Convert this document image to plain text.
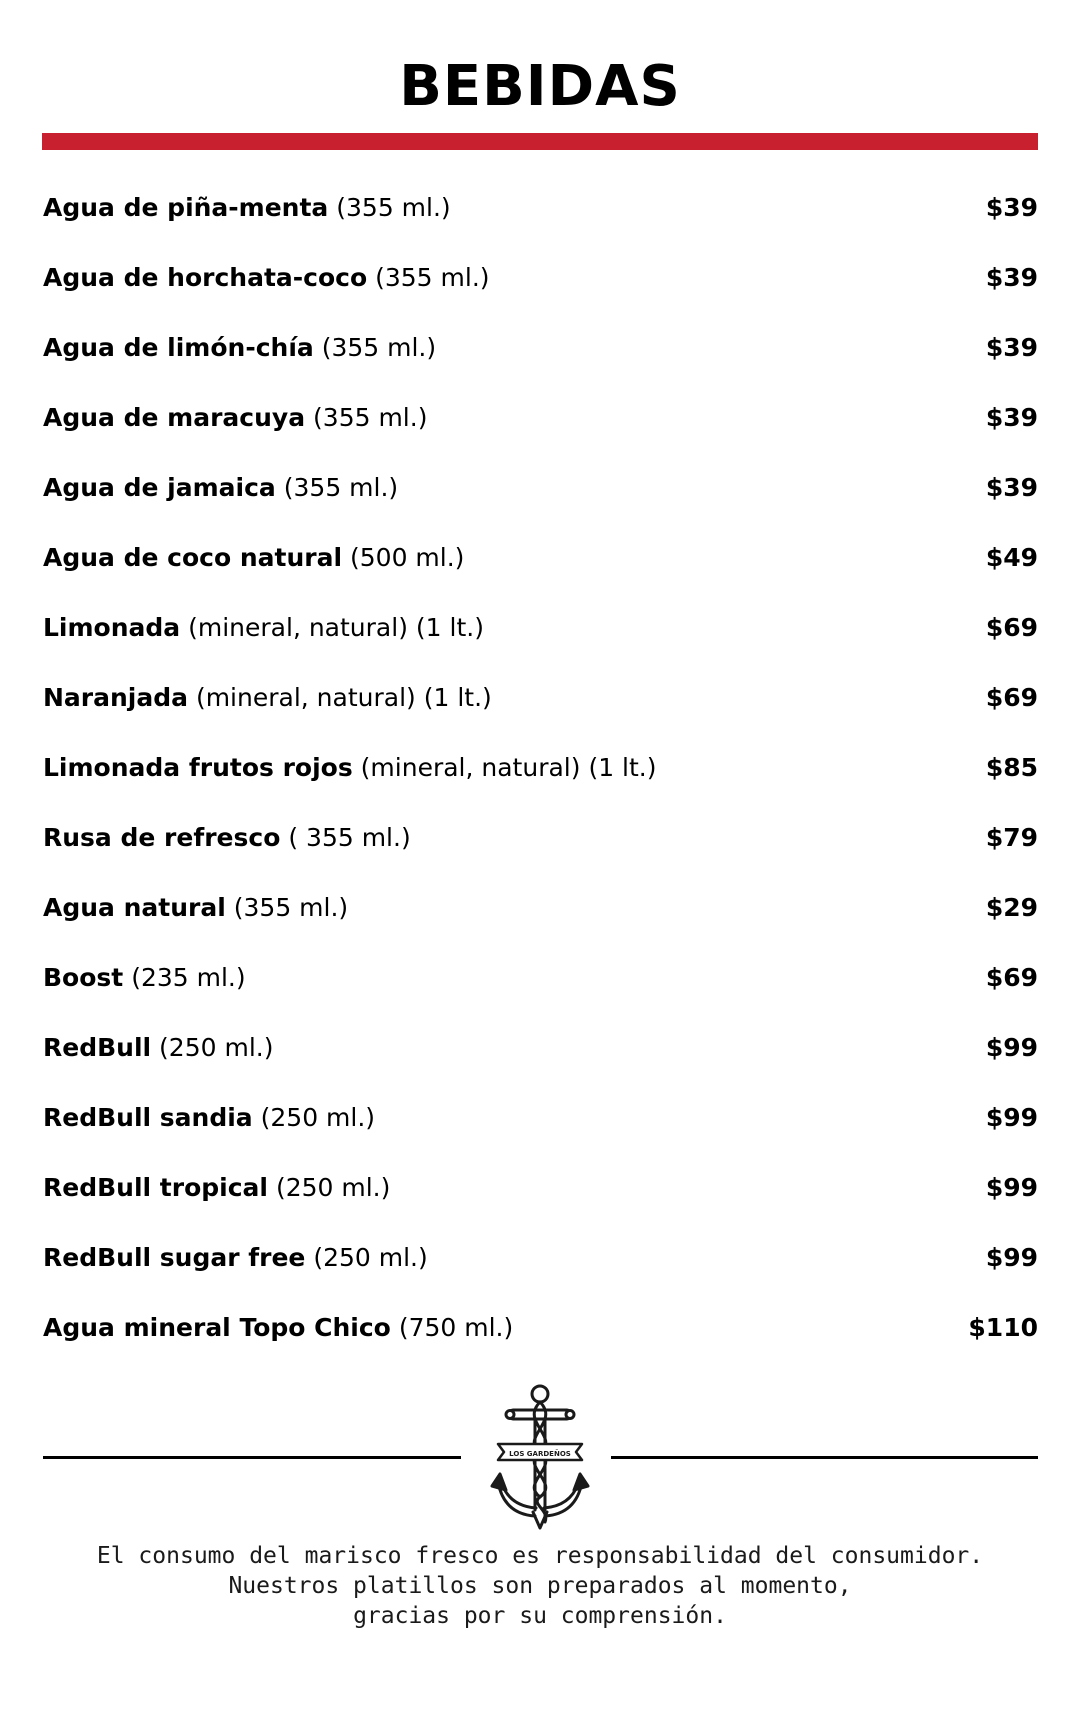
BEBIDAS
Agua de piña-menta (355 ml.)	$39
Agua de horchata-coco (355 ml.)	$39
Agua de limón-chía (355 ml.)	$39
Agua de maracuya (355 ml.)	$39
Agua de jamaica (355 ml.)	$39
Agua de coco natural (500 ml.)	$49
Limonada (mineral, natural) (1 lt.)	$69
Naranjada (mineral, natural) (1 lt.)	$69
Limonada frutos rojos (mineral, natural) (1 lt.)	$85
Rusa de refresco ( 355 ml.)	$79
Agua natural (355 ml.)	$29
Boost (235 ml.)	$69
RedBull (250 ml.)	$99
RedBull sandia (250 ml.)	$99
RedBull tropical (250 ml.)	$99
RedBull sugar free (250 ml.)	$99
Agua mineral Topo Chico (750 ml.)	$110
LOS GARDEÑOS
El consumo del marisco fresco es responsabilidad del consumidor.
Nuestros platillos son preparados al momento,
gracias por su comprensión.
